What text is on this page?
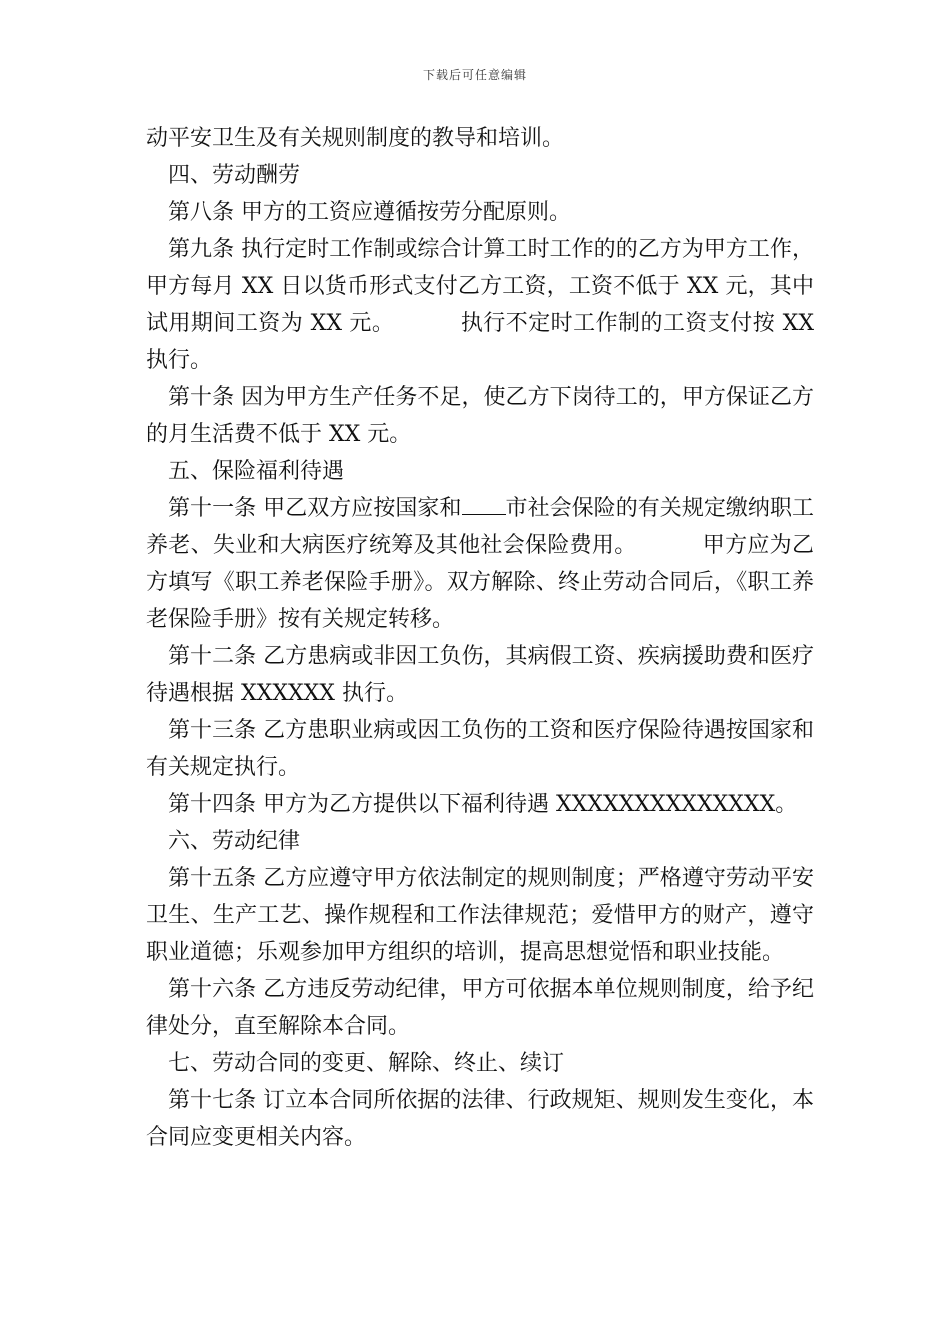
下载后可任意编辑

动平安卫生及有关规则制度的教导和培训。

四、劳动酬劳

第八条 甲方的工资应遵循按劳分配原则。

第九条 执行定时工作制或综合计算工时工作的的乙方为甲方工作，甲方每月 XX 日以货币形式支付乙方工资，工资不低于 XX 元，其中试用期间工资为 XX 元。	执行不定时工作制的工资支付按 XX 执行。

第十条 因为甲方生产任务不足，使乙方下岗待工的，甲方保证乙方的月生活费不低于 XX 元。

五、保险福利待遇

第十一条 甲乙双方应按国家和 市社会保险的有关规定缴纳职工养老、失业和大病医疗统筹及其他社会保险费用。	甲方应为乙方填写《职工养老保险手册》。双方解除、终止劳动合同后，《职工养老保险手册》按有关规定转移。

第十二条 乙方患病或非因工负伤，其病假工资、疾病援助费和医疗待遇根据 XXXXXX 执行。

第十三条 乙方患职业病或因工负伤的工资和医疗保险待遇按国家和有关规定执行。

第十四条 甲方为乙方提供以下福利待遇 XXXXXXXXXXXXXX。

六、劳动纪律

第十五条 乙方应遵守甲方依法制定的规则制度；严格遵守劳动平安卫生、生产工艺、操作规程和工作法律规范；爱惜甲方的财产，遵守职业道德；乐观参加甲方组织的培训，提高思想觉悟和职业技能。

第十六条 乙方违反劳动纪律，甲方可依据本单位规则制度，给予纪律处分，直至解除本合同。

七、劳动合同的变更、解除、终止、续订

第十七条 订立本合同所依据的法律、行政规矩、规则发生变化，本合同应变更相关内容。
